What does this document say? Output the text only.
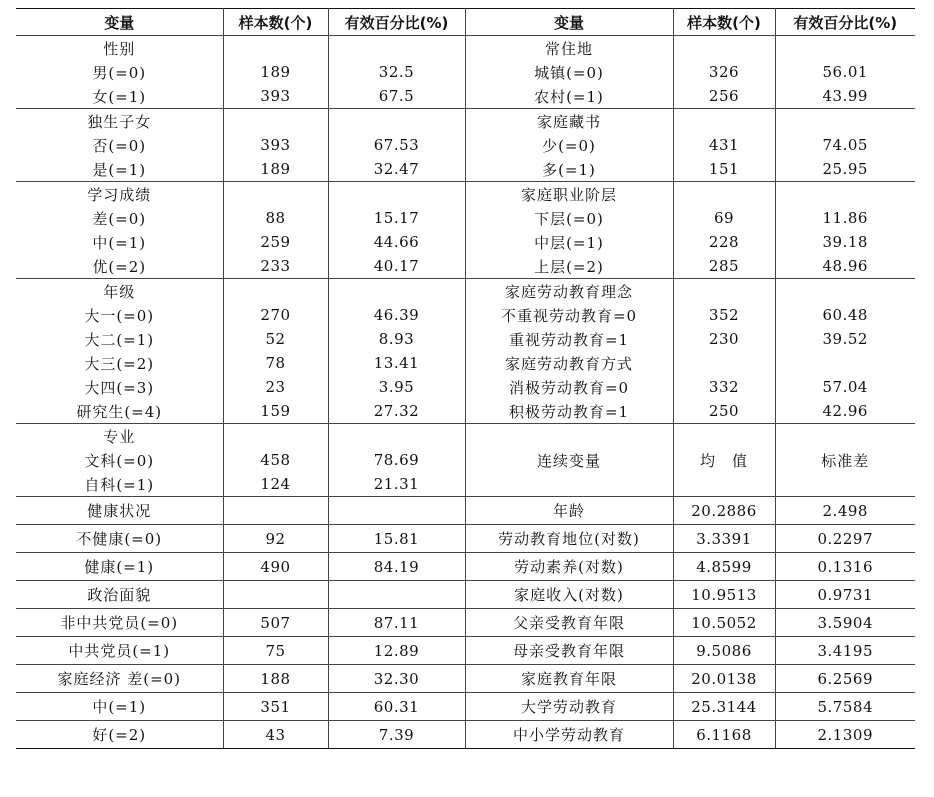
变量	样本数(个)	有效百分比(%)	变量	样本数(个)	有效百分比(%)
性别			常住地		
男(=0)	189	32.5	城镇(=0)	326	56.01
女(=1)	393	67.5	农村(=1)	256	43.99
独生子女			家庭藏书		
否(=0)	393	67.53	少(=0)	431	74.05
是(=1)	189	32.47	多(=1)	151	25.95
学习成绩			家庭职业阶层		
差(=0)	88	15.17	下层(=0)	69	11.86
中(=1)	259	44.66	中层(=1)	228	39.18
优(=2)	233	40.17	上层(=2)	285	48.96
年级			家庭劳动教育理念		
大一(=0)	270	46.39	不重视劳动教育=0	352	60.48
大二(=1)	52	8.93	重视劳动教育=1	230	39.52
大三(=2)	78	13.41	家庭劳动教育方式		
大四(=3)	23	3.95	消极劳动教育=0	332	57.04
研究生(=4)	159	27.32	积极劳动教育=1	250	42.96
专业			连续变量	均　值	标准差
文科(=0)	458	78.69			
自科(=1)	124	21.31			
健康状况			年龄	20.2886	2.498
不健康(=0)	92	15.81	劳动教育地位(对数)	3.3391	0.2297
健康(=1)	490	84.19	劳动素养(对数)	4.8599	0.1316
政治面貌			家庭收入(对数)	10.9513	0.9731
非中共党员(=0)	507	87.11	父亲受教育年限	10.5052	3.5904
中共党员(=1)	75	12.89	母亲受教育年限	9.5086	3.4195
家庭经济 差(=0)	188	32.30	家庭教育年限	20.0138	6.2569
中(=1)	351	60.31	大学劳动教育	25.3144	5.7584
好(=2)	43	7.39	中小学劳动教育	6.1168	2.1309
